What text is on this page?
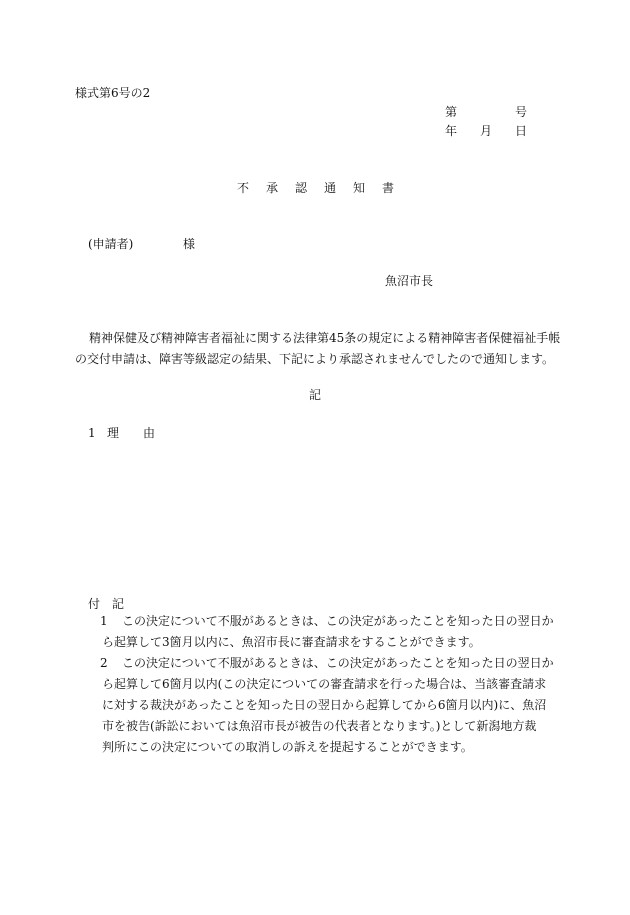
様式第6号の2
第	号
年 月 日
不 承 認 通 知 書
(申請者)	様
魚沼市長
精神保健及び精神障害者福祉に関する法律第45条の規定による精神障害者保健福祉手帳
の交付申請は、障害等級認定の結果、下記により承認されませんでしたので通知します。
記
1 理 由
付 記
1 この決定について不服があるときは、この決定があったことを知った日の翌日か
ら起算して3箇月以内に、魚沼市長に審査請求をすることができます。
2 この決定について不服があるときは、この決定があったことを知った日の翌日か
ら起算して6箇月以内(この決定についての審査請求を行った場合は、当該審査請求
に対する裁決があったことを知った日の翌日から起算してから6箇月以内)に、魚沼
市を被告(訴訟においては魚沼市長が被告の代表者となります。)として新潟地方裁
判所にこの決定についての取消しの訴えを提起することができます。
